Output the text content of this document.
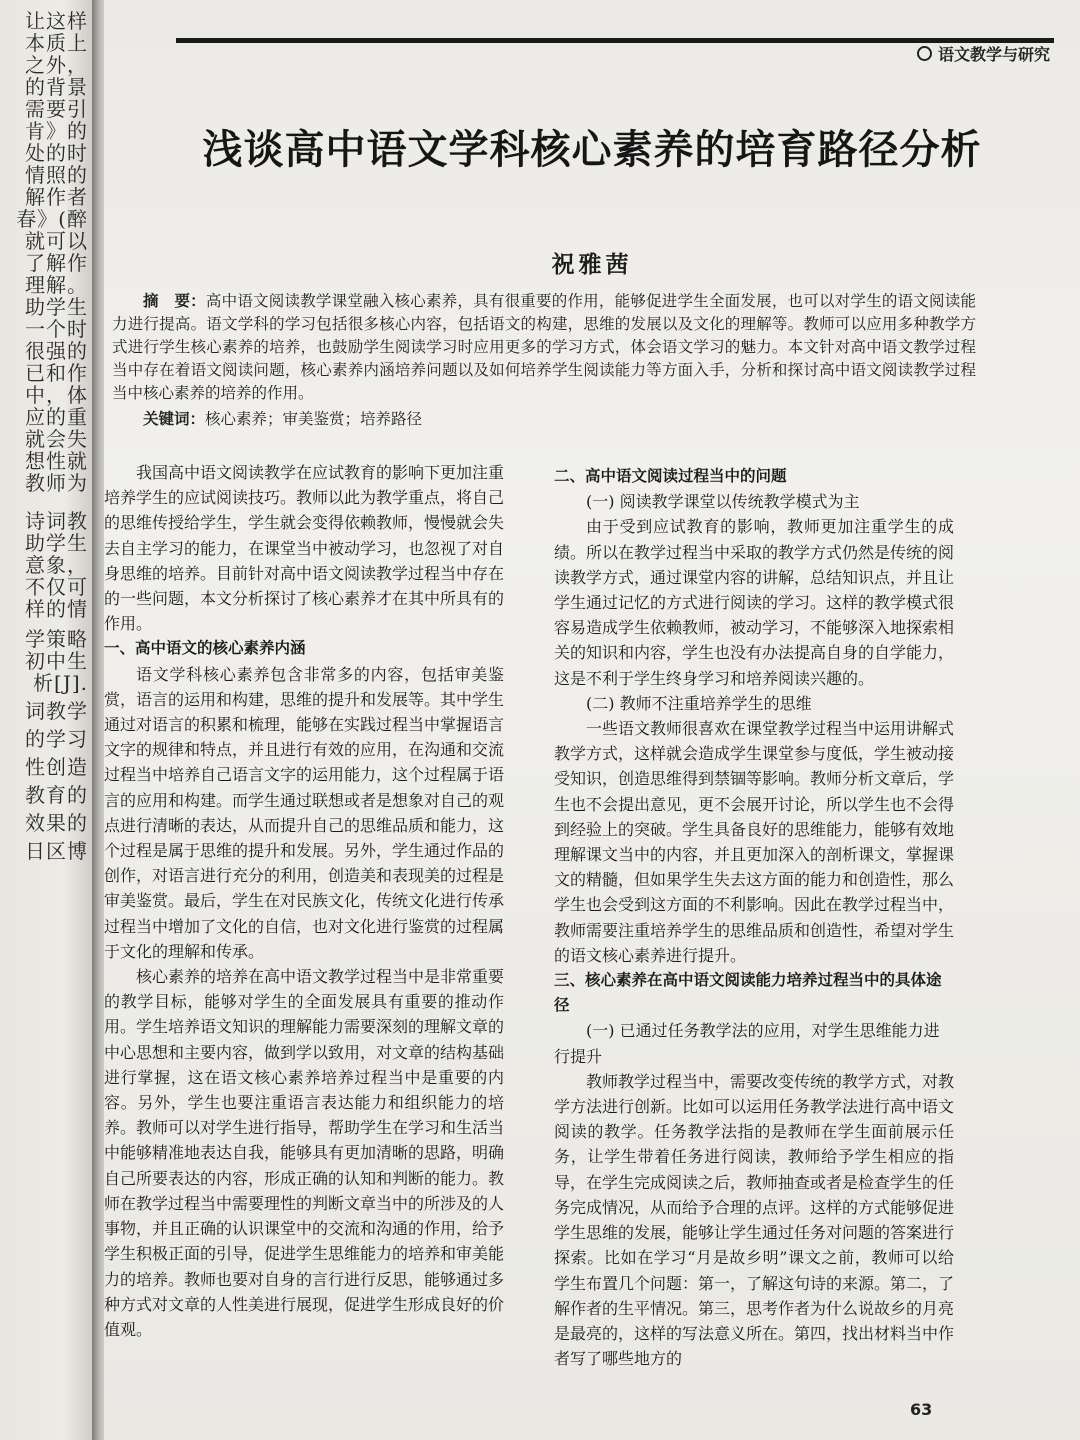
让这样
本质上
之外，
的背景
需要引
肯》的
处的时
情照的
解作者
春》(醉
就可以
了解作
理解。
助学生
一个时
很强的
已和作
中，体
应的重
就会失
想性就
教师为
诗词教
助学生
意象，
不仅可
样的情
学策略
初中生
析[J].
词教学
的学习
性创造
教育的
效果的
日区博
语文教学与研究
浅谈高中语文学科核心素养的培育路径分析
祝雅茜

摘　要：高中语文阅读教学课堂融入核心素养，具有很重要的作用，能够促进学生全面发展，也可以对学生的语文阅读能力进行提高。语文学科的学习包括很多核心内容，包括语文的构建，思维的发展以及文化的理解等。教师可以应用多种教学方式进行学生核心素养的培养，也鼓励学生阅读学习时应用更多的学习方式，体会语文学习的魅力。本文针对高中语文教学过程当中存在着语文阅读问题，核心素养内涵培养问题以及如何培养学生阅读能力等方面入手，分析和探讨高中语文阅读教学过程当中核心素养的培养的作用。

关键词：核心素养；审美鉴赏；培养路径

我国高中语文阅读教学在应试教育的影响下更加注重培养学生的应试阅读技巧。教师以此为教学重点，将自己的思维传授给学生，学生就会变得依赖教师，慢慢就会失去自主学习的能力，在课堂当中被动学习，也忽视了对自身思维的培养。目前针对高中语文阅读教学过程当中存在的一些问题，本文分析探讨了核心素养才在其中所具有的作用。

一、高中语文的核心素养内涵

语文学科核心素养包含非常多的内容，包括审美鉴赏，语言的运用和构建，思维的提升和发展等。其中学生通过对语言的积累和梳理，能够在实践过程当中掌握语言文字的规律和特点，并且进行有效的应用，在沟通和交流过程当中培养自己语言文字的运用能力，这个过程属于语言的应用和构建。而学生通过联想或者是想象对自己的观点进行清晰的表达，从而提升自己的思维品质和能力，这个过程是属于思维的提升和发展。另外，学生通过作品的创作，对语言进行充分的利用，创造美和表现美的过程是审美鉴赏。最后，学生在对民族文化，传统文化进行传承过程当中增加了文化的自信，也对文化进行鉴赏的过程属于文化的理解和传承。

核心素养的培养在高中语文教学过程当中是非常重要的教学目标，能够对学生的全面发展具有重要的推动作用。学生培养语文知识的理解能力需要深刻的理解文章的中心思想和主要内容，做到学以致用，对文章的结构基础进行掌握，这在语文核心素养培养过程当中是重要的内容。另外，学生也要注重语言表达能力和组织能力的培养。教师可以对学生进行指导，帮助学生在学习和生活当中能够精准地表达自我，能够具有更加清晰的思路，明确自己所要表达的内容，形成正确的认知和判断的能力。教师在教学过程当中需要理性的判断文章当中的所涉及的人事物，并且正确的认识课堂中的交流和沟通的作用，给予学生积极正面的引导，促进学生思维能力的培养和审美能力的培养。教师也要对自身的言行进行反思，能够通过多种方式对文章的人性美进行展现，促进学生形成良好的价值观。

二、高中语文阅读过程当中的问题

(一) 阅读教学课堂以传统教学模式为主

由于受到应试教育的影响，教师更加注重学生的成绩。所以在教学过程当中采取的教学方式仍然是传统的阅读教学方式，通过课堂内容的讲解，总结知识点，并且让学生通过记忆的方式进行阅读的学习。这样的教学模式很容易造成学生依赖教师，被动学习，不能够深入地探索相关的知识和内容，学生也没有办法提高自身的自学能力，这是不利于学生终身学习和培养阅读兴趣的。

(二) 教师不注重培养学生的思维

一些语文教师很喜欢在课堂教学过程当中运用讲解式教学方式，这样就会造成学生课堂参与度低，学生被动接受知识，创造思维得到禁锢等影响。教师分析文章后，学生也不会提出意见，更不会展开讨论，所以学生也不会得到经验上的突破。学生具备良好的思维能力，能够有效地理解课文当中的内容，并且更加深入的剖析课文，掌握课文的精髓，但如果学生失去这方面的能力和创造性，那么学生也会受到这方面的不利影响。因此在教学过程当中，教师需要注重培养学生的思维品质和创造性，希望对学生的语文核心素养进行提升。

三、核心素养在高中语文阅读能力培养过程当中的具体途径

(一) 已通过任务教学法的应用，对学生思维能力进行提升

教师教学过程当中，需要改变传统的教学方式，对教学方法进行创新。比如可以运用任务教学法进行高中语文阅读的教学。任务教学法指的是教师在学生面前展示任务，让学生带着任务进行阅读，教师给予学生相应的指导，在学生完成阅读之后，教师抽查或者是检查学生的任务完成情况，从而给予合理的点评。这样的方式能够促进学生思维的发展，能够让学生通过任务对问题的答案进行探索。比如在学习“月是故乡明”课文之前，教师可以给学生布置几个问题：第一，了解这句诗的来源。第二，了解作者的生平情况。第三，思考作者为什么说故乡的月亮是最亮的，这样的写法意义所在。第四，找出材料当中作者写了哪些地方的

63
